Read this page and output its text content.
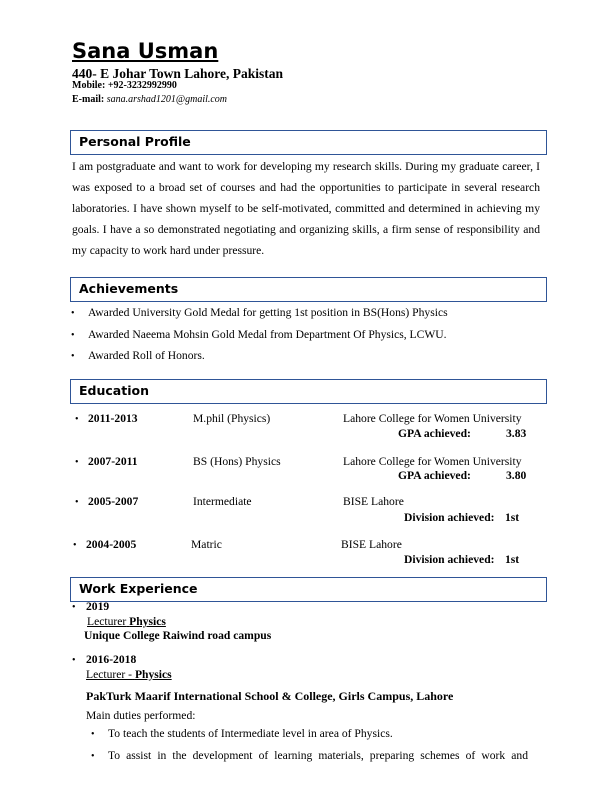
Sana Usman
440- E Johar Town Lahore, Pakistan
Mobile: +92-3232992990
E-mail: sana.arshad1201@gmail.com
Personal Profile
I am postgraduate and want to work for developing my research skills. During my graduate career, I was exposed to a broad set of courses and had the opportunities to participate in several research laboratories. I have shown myself to be self-motivated, committed and determined in achieving my goals. I have a so demonstrated negotiating and organizing skills, a firm sense of responsibility and my capacity to work hard under pressure.
Achievements
• Awarded University Gold Medal for getting 1st position in BS(Hons) Physics
• Awarded Naeema Mohsin Gold Medal from Department Of Physics, LCWU.
• Awarded Roll of Honors.
Education
• 2011-2013	M.phil (Physics)	Lahore College for Women University
GPA achieved:	3.83
• 2007-2011	BS (Hons) Physics	Lahore College for Women University
GPA achieved:	3.80
• 2005-2007	Intermediate	BISE Lahore
Division achieved: 1st
• 2004-2005	Matric	BISE Lahore
Division achieved: 1st
Work Experience
• 2019
Lecturer Physics
Unique College Raiwind road campus
• 2016-2018
Lecturer - Physics
PakTurk Maarif International School & College, Girls Campus, Lahore
Main duties performed:
• To teach the students of Intermediate level in area of Physics.
• To assist in the development of learning materials, preparing schemes of work and
